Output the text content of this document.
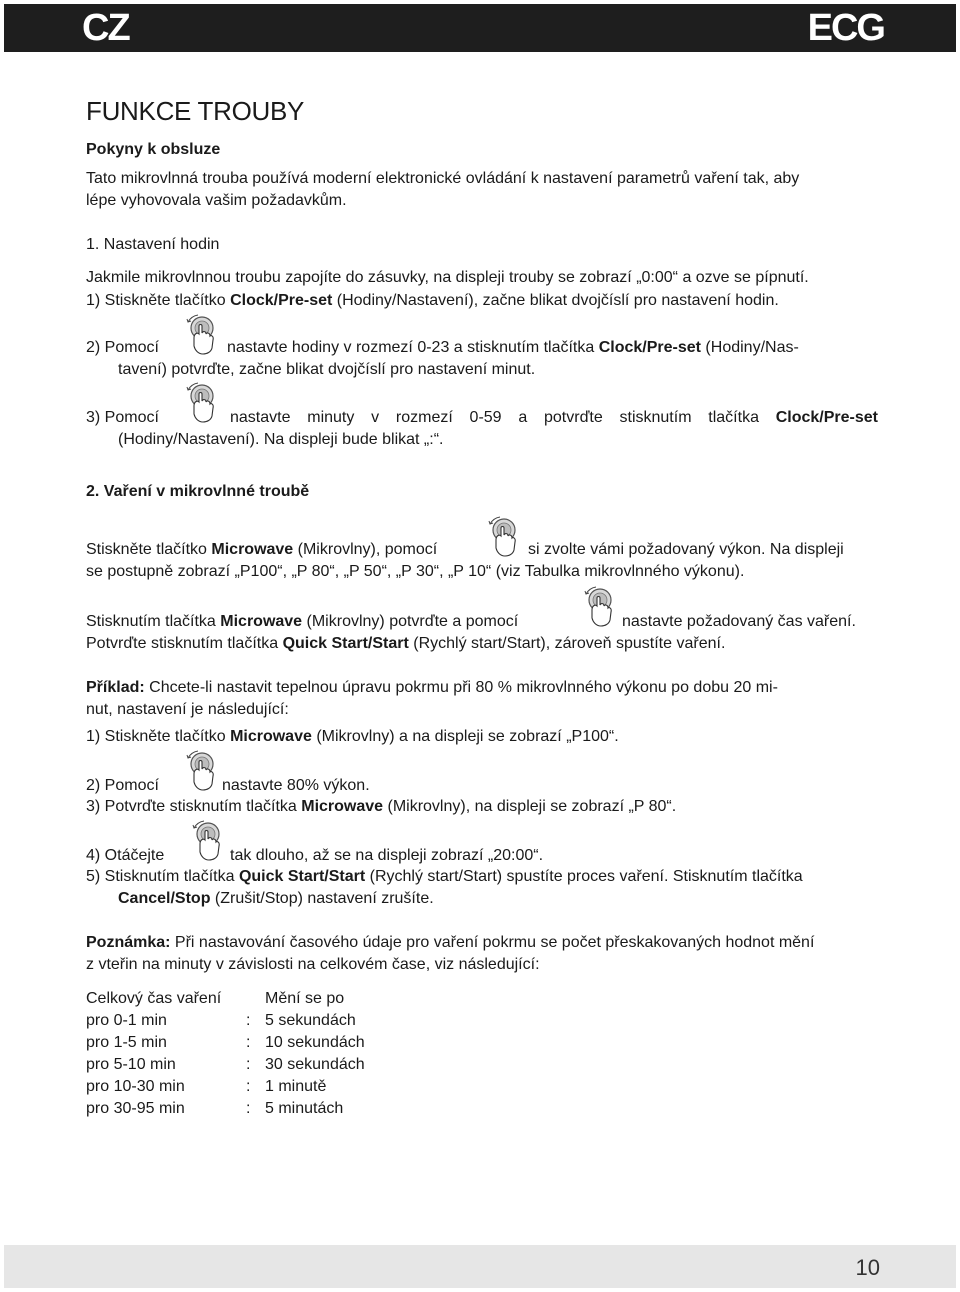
CZ	ECG
FUNKCE TROUBY
Pokyny k obsluze
Tato mikrovlnná trouba používá moderní elektronické ovládání k nastavení parametrů vaření tak, aby
lépe vyhovovala vašim požadavkům.
1. Nastavení hodin
Jakmile mikrovlnnou troubu zapojíte do zásuvky, na displeji trouby se zobrazí „0:00“ a ozve se pípnutí.
1) Stiskněte tlačítko Clock/Pre-set (Hodiny/Nastavení), začne blikat dvojčíslí pro nastavení hodin.
2) Pomocí	nastavte hodiny v rozmezí 0-23 a stisknutím tlačítka Clock/Pre-set (Hodiny/Nas-
tavení) potvrďte, začne blikat dvojčíslí pro nastavení minut.
3) Pomocí	nastavte minuty v rozmezí 0-59 a potvrďte stisknutím tlačítka Clock/Pre-set
(Hodiny/Nastavení). Na displeji bude blikat „:“.
2. Vaření v mikrovlnné troubě
Stiskněte tlačítko Microwave (Mikrovlny), pomocí	si zvolte vámi požadovaný výkon. Na displeji
se postupně zobrazí „P100“, „P 80“, „P 50“, „P 30“, „P 10“ (viz Tabulka mikrovlnného výkonu).
Stisknutím tlačítka Microwave (Mikrovlny) potvrďte a pomocí	nastavte požadovaný čas vaření.
Potvrďte stisknutím tlačítka Quick Start/Start (Rychlý start/Start), zároveň spustíte vaření.
Příklad: Chcete-li nastavit tepelnou úpravu pokrmu při 80 % mikrovlnného výkonu po dobu 20 mi-
nut, nastavení je následující:
1) Stiskněte tlačítko Microwave (Mikrovlny) a na displeji se zobrazí „P100“.
2) Pomocí	nastavte 80% výkon.
3) Potvrďte stisknutím tlačítka Microwave (Mikrovlny), na displeji se zobrazí „P 80“.
4) Otáčejte	tak dlouho, až se na displeji zobrazí „20:00“.
5) Stisknutím tlačítka Quick Start/Start (Rychlý start/Start) spustíte proces vaření. Stisknutím tlačítka
Cancel/Stop (Zrušit/Stop) nastavení zrušíte.
Poznámka: Při nastavování časového údaje pro vaření pokrmu se počet přeskakovaných hodnot mění
z vteřin na minuty v závislosti na celkovém čase, viz následující:
Celkový čas vaření	Mění se po
pro 0-1 min	: 5 sekundách
pro 1-5 min	: 10 sekundách
pro 5-10 min	: 30 sekundách
pro 10-30 min	: 1 minutě
pro 30-95 min	: 5 minutách
10
